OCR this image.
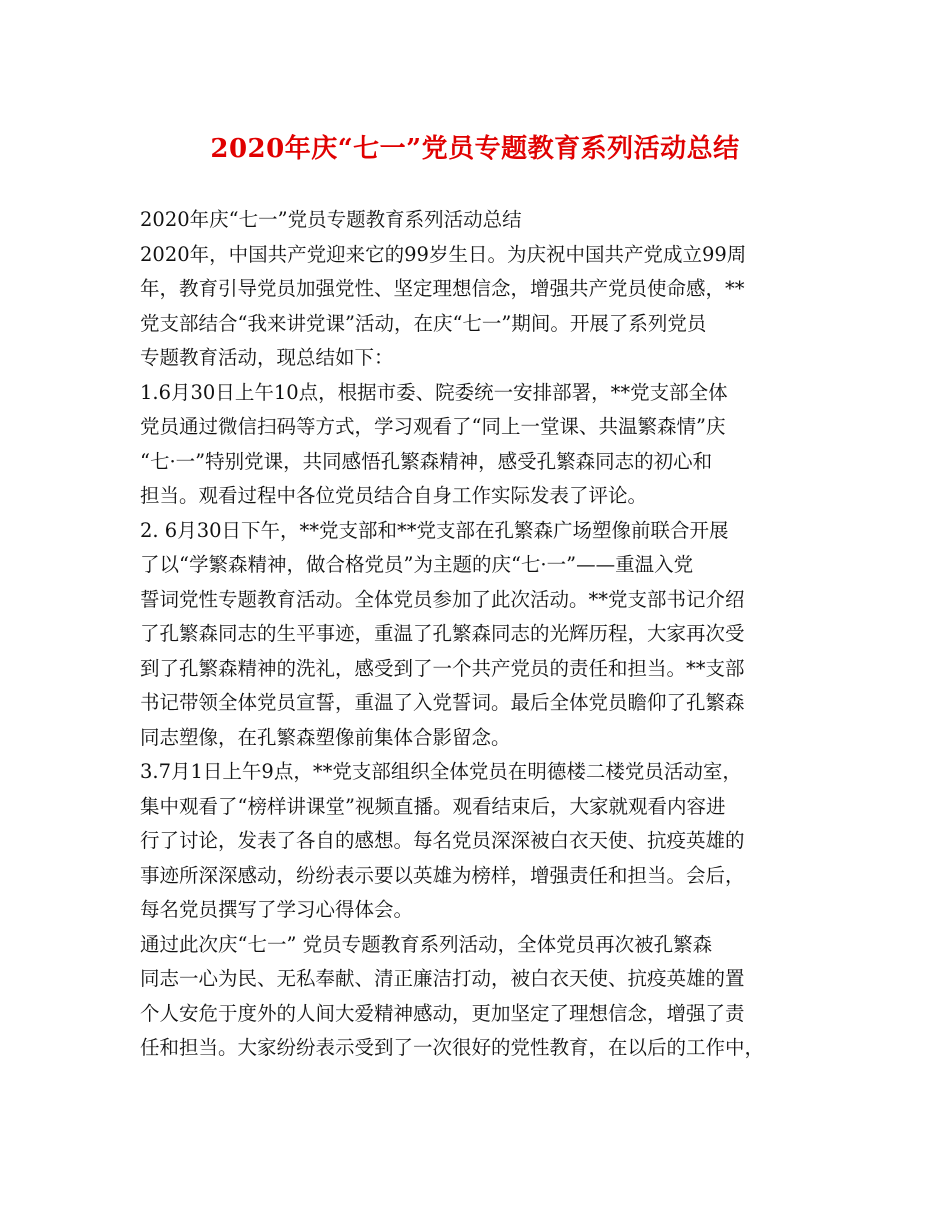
2020年庆“七一”党员专题教育系列活动总结
2020年庆“七一”党员专题教育系列活动总结
2020年，中国共产党迎来它的99岁生日。为庆祝中国共产党成立99周
年，教育引导党员加强党性、坚定理想信念，增强共产党员使命感，**
党支部结合“我来讲党课”活动，在庆“七一”期间。开展了系列党员
专题教育活动，现总结如下：
1.6月30日上午10点，根据市委、院委统一安排部署，**党支部全体
党员通过微信扫码等方式，学习观看了“同上一堂课、共温繁森情”庆
“七·一”特别党课，共同感悟孔繁森精神，感受孔繁森同志的初心和
担当。观看过程中各位党员结合自身工作实际发表了评论。
2. 6月30日下午，**党支部和**党支部在孔繁森广场塑像前联合开展
了以“学繁森精神，做合格党员”为主题的庆“七·一”——重温入党
誓词党性专题教育活动。全体党员参加了此次活动。**党支部书记介绍
了孔繁森同志的生平事迹，重温了孔繁森同志的光辉历程，大家再次受
到了孔繁森精神的洗礼，感受到了一个共产党员的责任和担当。**支部
书记带领全体党员宣誓，重温了入党誓词。最后全体党员瞻仰了孔繁森
同志塑像，在孔繁森塑像前集体合影留念。
3.7月1日上午9点，**党支部组织全体党员在明德楼二楼党员活动室，
集中观看了“榜样讲课堂”视频直播。观看结束后，大家就观看内容进
行了讨论，发表了各自的感想。每名党员深深被白衣天使、抗疫英雄的
事迹所深深感动，纷纷表示要以英雄为榜样，增强责任和担当。会后，
每名党员撰写了学习心得体会。
通过此次庆“七一” 党员专题教育系列活动，全体党员再次被孔繁森
同志一心为民、无私奉献、清正廉洁打动，被白衣天使、抗疫英雄的置
个人安危于度外的人间大爱精神感动，更加坚定了理想信念，增强了责
任和担当。大家纷纷表示受到了一次很好的党性教育，在以后的工作中，
